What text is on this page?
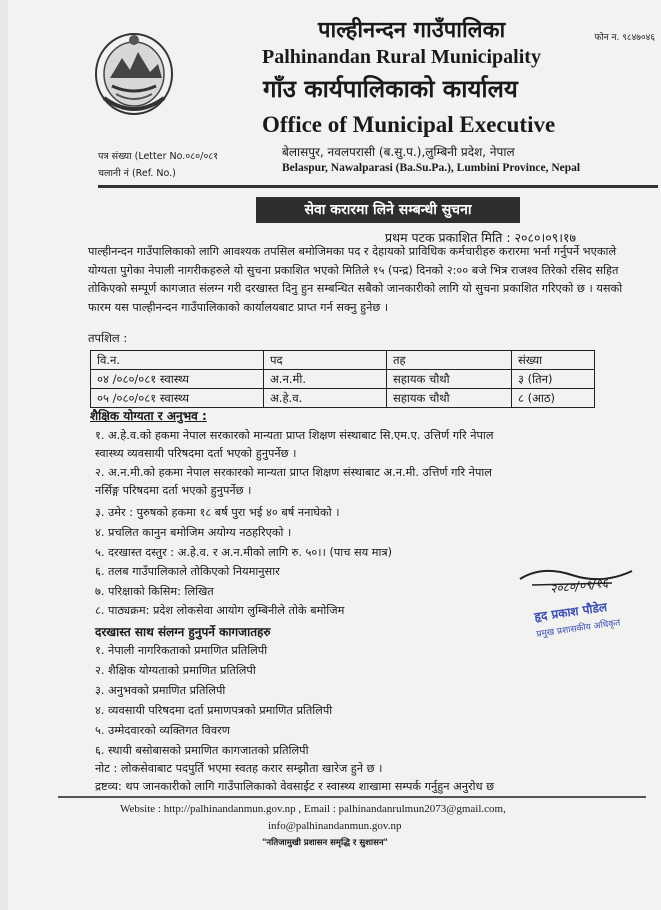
फोन न. ९८४७०४६
पाल्हीनन्दन गाउँपालिका
Palhinandan Rural Municipality
गाँउ कार्यपालिकाको कार्यालय
Office of Municipal Executive
बेलासपुर, नवलपरासी (ब.सु.प.),लुम्बिनी प्रदेश, नेपाल
Belaspur, Nawalparasi (Ba.Su.Pa.), Lumbini Province, Nepal
पत्र संख्या (Letter No.०८०/०८१
चलानी नं (Ref. No.)
सेवा करारमा लिने सम्बन्धी सुचना
प्रथम पटक प्रकाशित मिति : २०८०।०९।१७
पाल्हीनन्दन गाउँपालिकाको लागि आवश्यक तपसिल बमोजिमका पद र देहायको प्राविधिक कर्मचारीहरु करारमा भर्ना गर्नुपर्ने भएकाले योग्यता पुगेका नेपाली नागरीकहरुले यो सुचना प्रकाशित भएको मितिले १५ (पन्द्र) दिनको २:०० बजे भित्र राजश्व तिरेको रसिद सहित तोकिएको सम्पूर्ण कागजात संलग्न गरी दरखास्त दिनु हुन सम्बन्धित सबैको जानकारीको लागि यो सुचना प्रकाशित गरिएको छ । यसको फारम यस पाल्हीनन्दन गाउँपालिकाको कार्यालयबाट प्राप्त गर्न सक्नु हुनेछ ।
तपशिल :
वि.न.	पद	तह	संख्या
०४ /०८०/०८१ स्वास्थ्य	अ.न.मी.	सहायक चौथौ	३ (तिन)
०५ /०८०/०८१ स्वास्थ्य	अ.हे.व.	सहायक चौथौ	८ (आठ)
शैक्षिक योग्यता र अनुभव :
१. अ.हे.व.को हकमा नेपाल सरकारको मान्यता प्राप्त शिक्षण संस्थाबाट सि.एम.ए. उत्तिर्ण गरि नेपाल
स्वास्थ्य व्यवसायी परिषदमा दर्ता भएको हुनुपर्नेछ ।
२. अ.न.मी.को हकमा नेपाल सरकारको मान्यता प्राप्त शिक्षण संस्थाबाट अ.न.मी. उत्तिर्ण गरि नेपाल
नर्सिङ्ग परिषदमा दर्ता भएको हुनुपर्नेछ ।
३. उमेर : पुरुषको हकमा १८ बर्ष पुरा भई ४० बर्ष ननाघेको ।
४. प्रचलित कानुन बमोजिम अयोग्य नठहरिएको ।
५. दरखास्त दस्तुर : अ.हे.व. र अ.न.मीको लागि रु. ५०।। (पाच सय मात्र)
६. तलब गाउँपालिकाले तोकिएको नियमानुसार
७. परिक्षाको किसिम: लिखित
८. पाठ्यक्रम: प्रदेश लोकसेवा आयोग लुम्बिनीले तोके बमोजिम
दरखास्त साथ संलग्न हुनुपर्ने कागजातहरु
१. नेपाली नागरिकताको प्रमाणित प्रतिलिपी
२. शैक्षिक योग्यताको प्रमाणित प्रतिलिपी
३. अनुभवको प्रमाणित प्रतिलिपी
४. व्यवसायी परिषदमा दर्ता प्रमाणपत्रको प्रमाणित प्रतिलिपी
५. उम्मेदवारको व्यक्तिगत विवरण
६. स्थायी बसोबासको प्रमाणित कागजातको प्रतिलिपी
नोट : लोकसेवाबाट पदपुर्ति भएमा स्वतह करार सम्झौता खारेज हुने छ ।
द्रष्टव्य: थप जानकारीको लागि गाउँपालिकाको वेवसाईट र स्वास्थ्य शाखामा सम्पर्क गर्नुहुन अनुरोध छ
२०८०/०९/१६
हृद प्रकाश पौडेल
प्रमुख प्रशासकीय अधिकृत
Website : http://palhinandanmun.gov.np , Email : palhinandanrulmun2073@gmail.com,
info@palhinandanmun.gov.np
"नतिजामुखी प्रशासन समृद्धि र सुशासन"
